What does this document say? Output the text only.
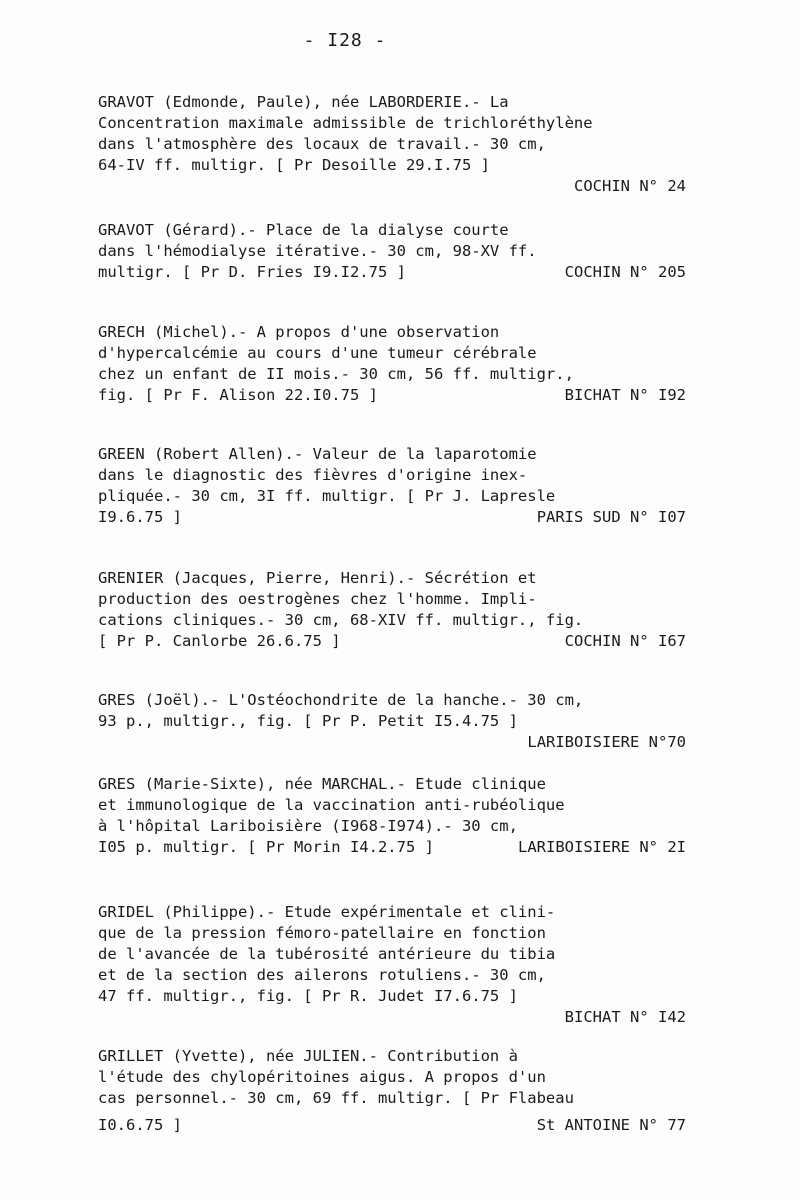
- I28 -
GRAVOT (Edmonde, Paule), née LABORDERIE.- La
Concentration maximale admissible de trichloréthylène
dans l'atmosphère des locaux de travail.- 30 cm,
64-IV ff. multigr. [ Pr Desoille 29.I.75 ]
COCHIN N° 24
GRAVOT (Gérard).- Place de la dialyse courte
dans l'hémodialyse itérative.- 30 cm, 98-XV ff.
multigr. [ Pr D. Fries I9.I2.75 ]	COCHIN N° 205
GRECH (Michel).- A propos d'une observation
d'hypercalcémie au cours d'une tumeur cérébrale
chez un enfant de II mois.- 30 cm, 56 ff. multigr.,
fig. [ Pr F. Alison 22.I0.75 ]	BICHAT N° I92
GREEN (Robert Allen).- Valeur de la laparotomie
dans le diagnostic des fièvres d'origine inex-
pliquée.- 30 cm, 3I ff. multigr. [ Pr J. Lapresle
I9.6.75 ]	PARIS SUD N° I07
GRENIER (Jacques, Pierre, Henri).- Sécrétion et
production des oestrogènes chez l'homme. Impli-
cations cliniques.- 30 cm, 68-XIV ff. multigr., fig.
[ Pr P. Canlorbe 26.6.75 ]	COCHIN N° I67
GRES (Joël).- L'Ostéochondrite de la hanche.- 30 cm,
93 p., multigr., fig. [ Pr P. Petit I5.4.75 ]
LARIBOISIERE N°70
GRES (Marie-Sixte), née MARCHAL.- Etude clinique
et immunologique de la vaccination anti-rubéolique
à l'hôpital Lariboisière (I968-I974).- 30 cm,
I05 p. multigr. [ Pr Morin I4.2.75 ]	LARIBOISIERE N° 2I
GRIDEL (Philippe).- Etude expérimentale et clini-
que de la pression fémoro-patellaire en fonction
de l'avancée de la tubérosité antérieure du tibia
et de la section des ailerons rotuliens.- 30 cm,
47 ff. multigr., fig. [ Pr R. Judet I7.6.75 ]
BICHAT N° I42
GRILLET (Yvette), née JULIEN.- Contribution à
l'étude des chylopéritoines aigus. A propos d'un
cas personnel.- 30 cm, 69 ff. multigr. [ Pr Flabeau
I0.6.75 ]	St ANTOINE N° 77
